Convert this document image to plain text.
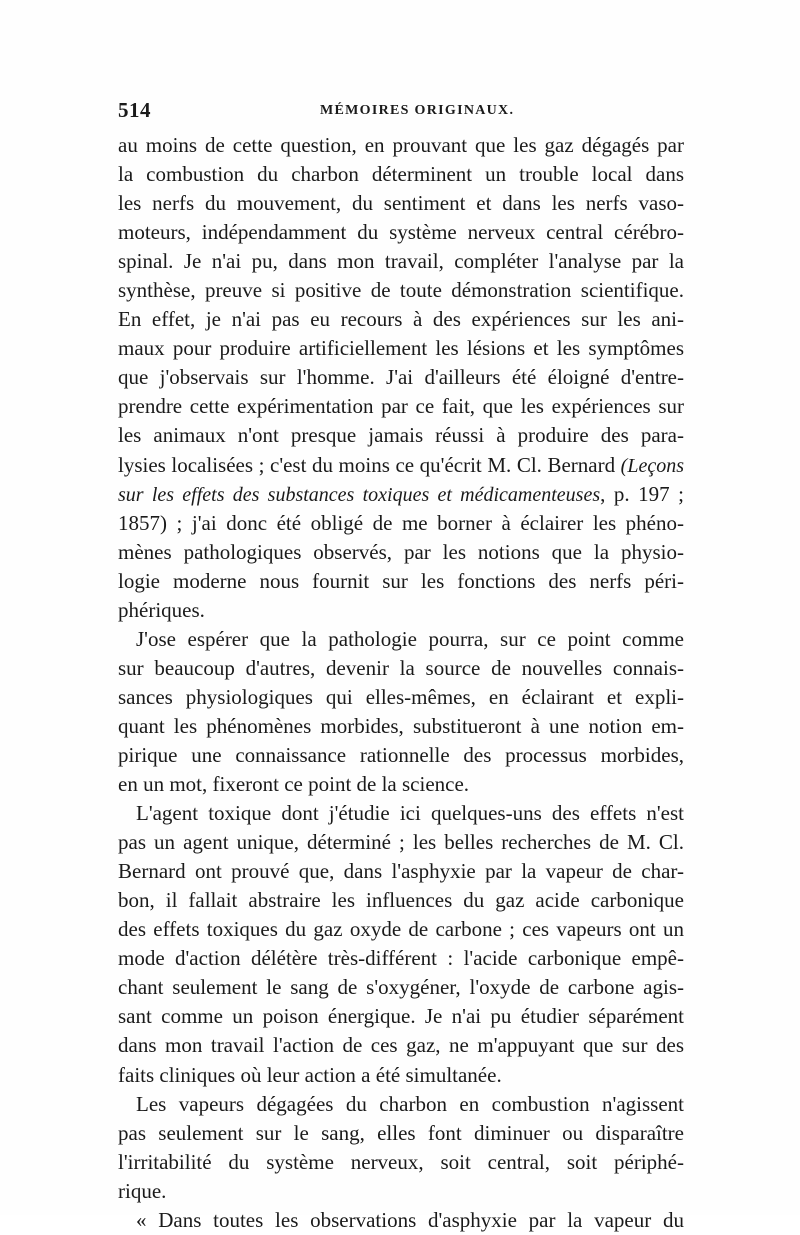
514	MÉMOIRES ORIGINAUX.
au moins de cette question, en prouvant que les gaz dégagés par
la combustion du charbon déterminent un trouble local dans
les nerfs du mouvement, du sentiment et dans les nerfs vaso-
moteurs, indépendamment du système nerveux central cérébro-
spinal. Je n'ai pu, dans mon travail, compléter l'analyse par la
synthèse, preuve si positive de toute démonstration scientifique.
En effet, je n'ai pas eu recours à des expériences sur les ani-
maux pour produire artificiellement les lésions et les symptômes
que j'observais sur l'homme. J'ai d'ailleurs été éloigné d'entre-
prendre cette expérimentation par ce fait, que les expériences sur
les animaux n'ont presque jamais réussi à produire des para-
lysies localisées ; c'est du moins ce qu'écrit M. Cl. Bernard (Leçons
sur les effets des substances toxiques et médicamenteuses, p. 197 ;
1857) ; j'ai donc été obligé de me borner à éclairer les phéno-
mènes pathologiques observés, par les notions que la physio-
logie moderne nous fournit sur les fonctions des nerfs péri-
phériques.
J'ose espérer que la pathologie pourra, sur ce point comme
sur beaucoup d'autres, devenir la source de nouvelles connais-
sances physiologiques qui elles-mêmes, en éclairant et expli-
quant les phénomènes morbides, substitueront à une notion em-
pirique une connaissance rationnelle des processus morbides,
en un mot, fixeront ce point de la science.
L'agent toxique dont j'étudie ici quelques-uns des effets n'est
pas un agent unique, déterminé ; les belles recherches de M. Cl.
Bernard ont prouvé que, dans l'asphyxie par la vapeur de char-
bon, il fallait abstraire les influences du gaz acide carbonique
des effets toxiques du gaz oxyde de carbone ; ces vapeurs ont un
mode d'action délétère très-différent : l'acide carbonique empê-
chant seulement le sang de s'oxygéner, l'oxyde de carbone agis-
sant comme un poison énergique. Je n'ai pu étudier séparément
dans mon travail l'action de ces gaz, ne m'appuyant que sur des
faits cliniques où leur action a été simultanée.
Les vapeurs dégagées du charbon en combustion n'agissent
pas seulement sur le sang, elles font diminuer ou disparaître
l'irritabilité du système nerveux, soit central, soit périphé-
rique.
« Dans toutes les observations d'asphyxie par la vapeur du
